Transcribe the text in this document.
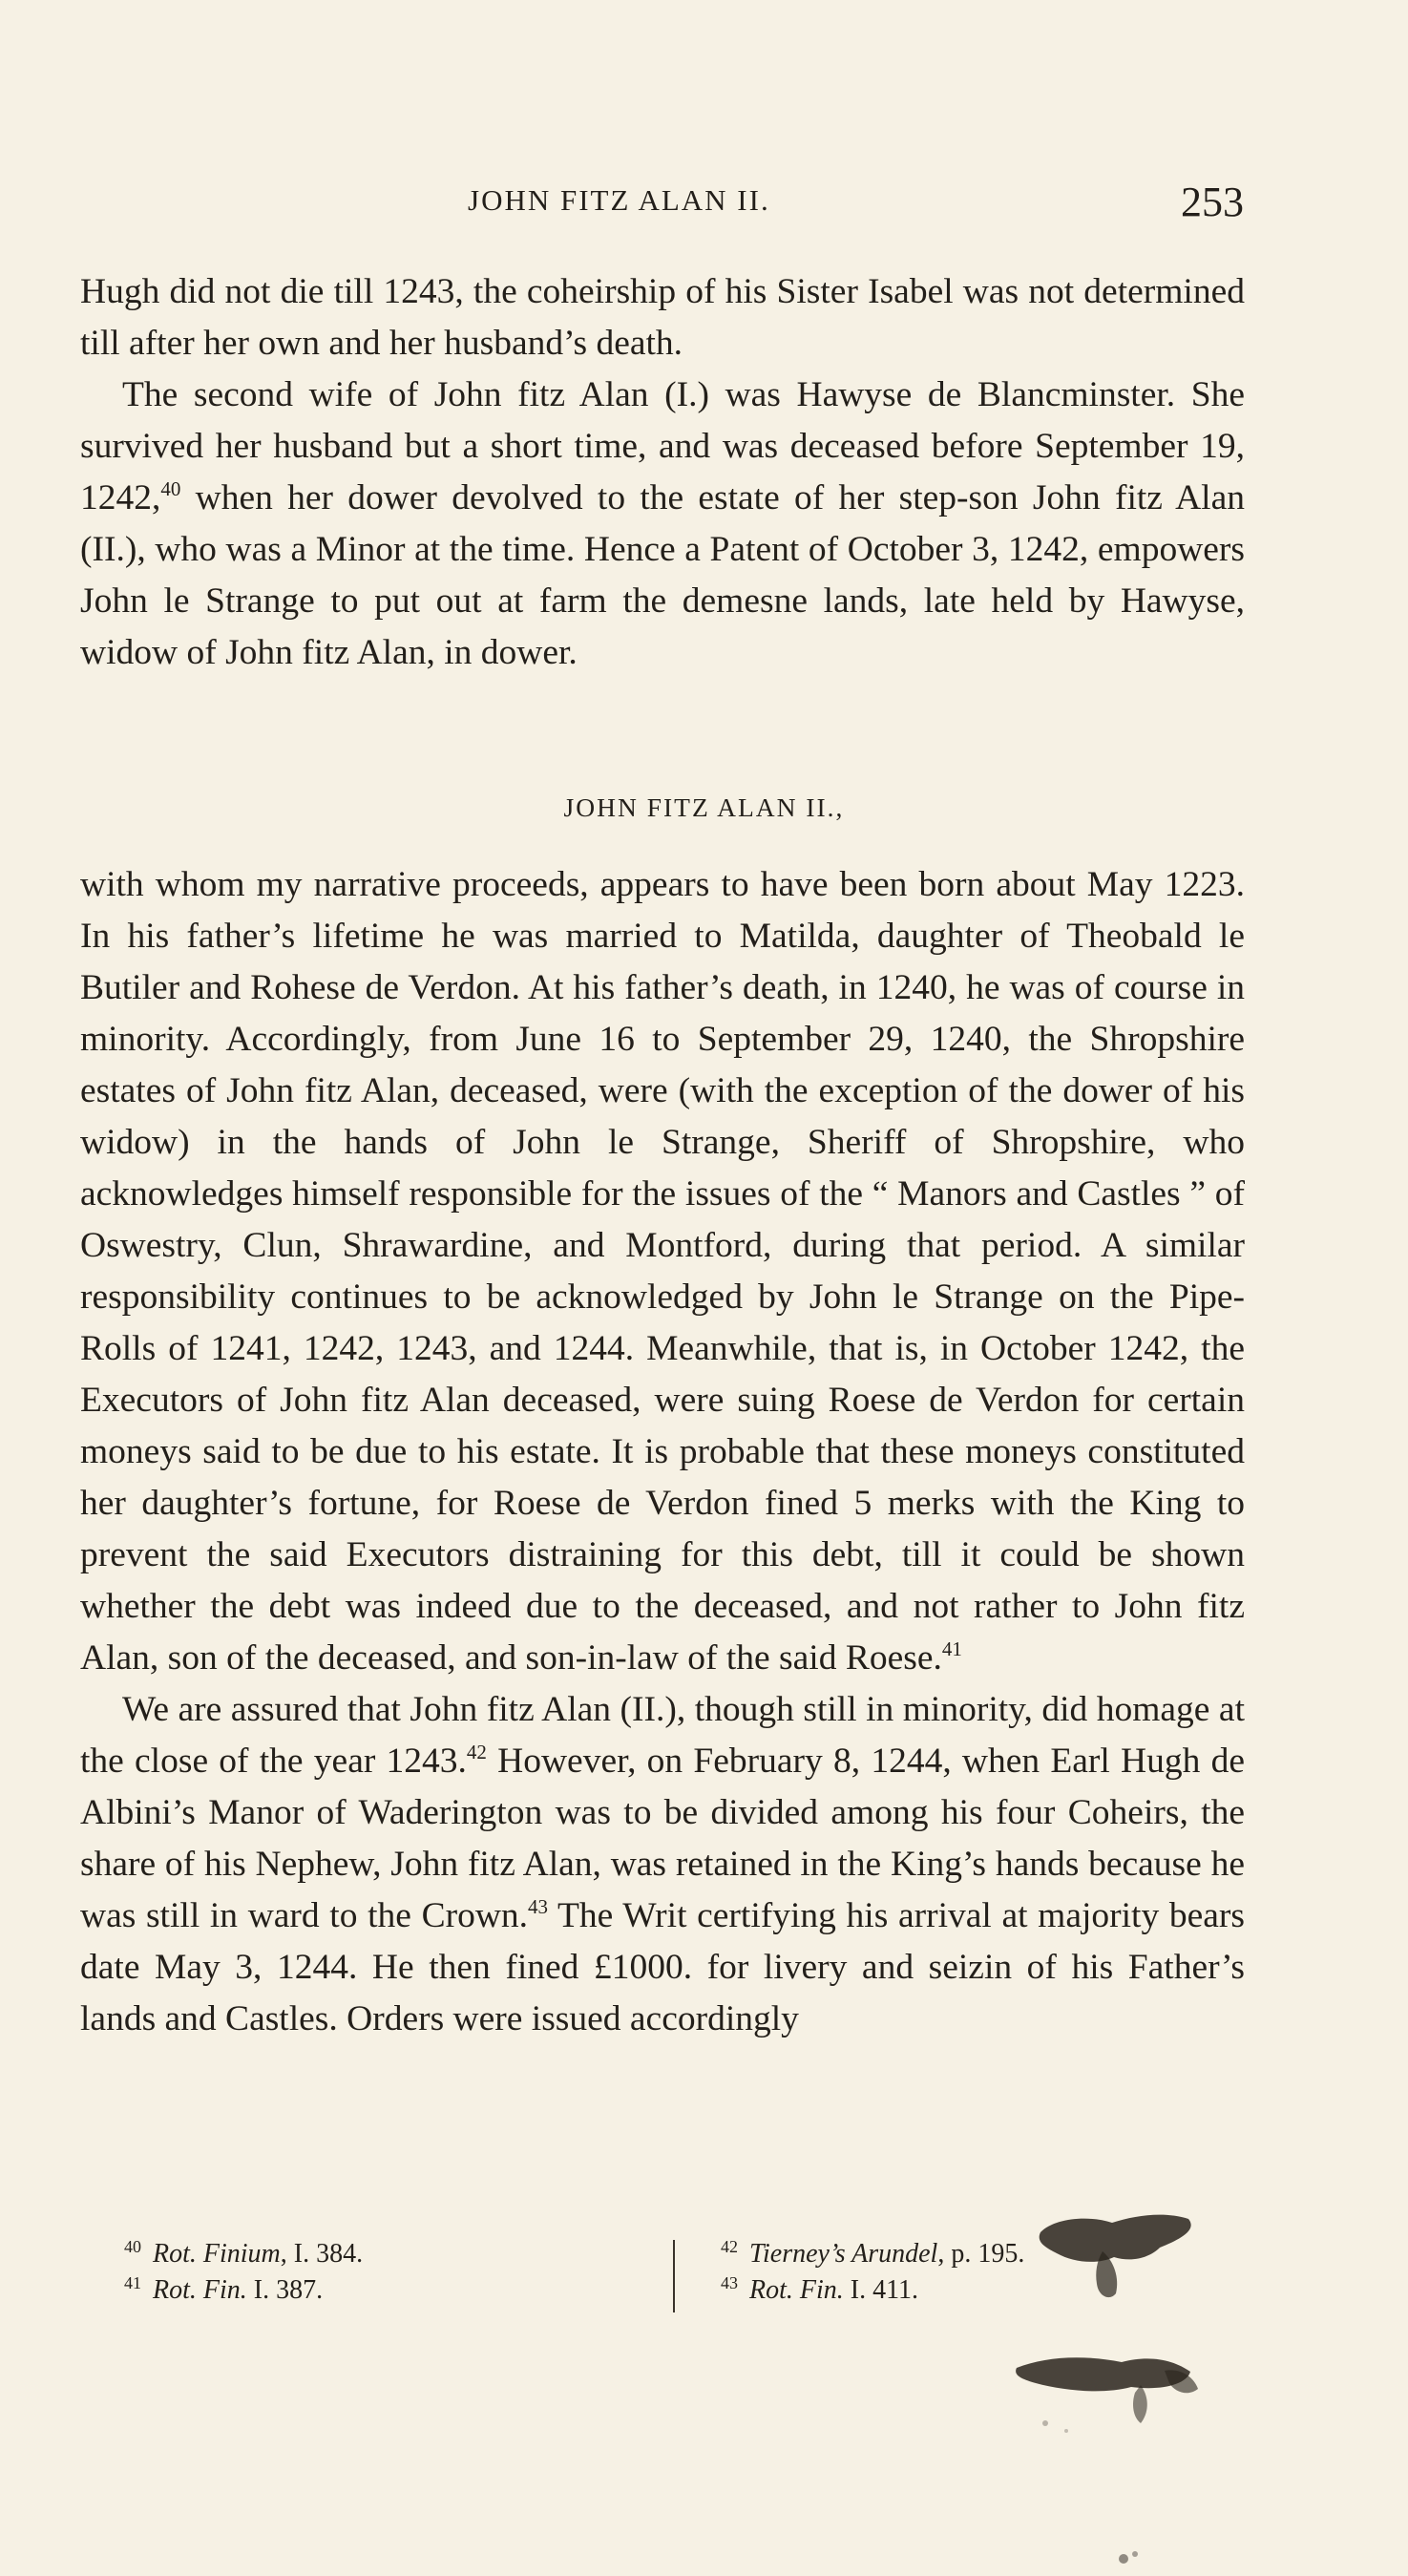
JOHN FITZ ALAN II.	253

Hugh did not die till 1243, the coheirship of his Sister Isabel was not determined till after her own and her husband’s death.

The second wife of John fitz Alan (I.) was Hawyse de Blancminster. She survived her husband but a short time, and was deceased before September 19, 1242,40 when her dower devolved to the estate of her step-son John fitz Alan (II.), who was a Minor at the time. Hence a Patent of October 3, 1242, empowers John le Strange to put out at farm the demesne lands, late held by Hawyse, widow of John fitz Alan, in dower.

JOHN FITZ ALAN II.,

with whom my narrative proceeds, appears to have been born about May 1223. In his father’s lifetime he was married to Matilda, daughter of Theobald le Butiler and Rohese de Verdon. At his father’s death, in 1240, he was of course in minority. Accordingly, from June 16 to September 29, 1240, the Shropshire estates of John fitz Alan, deceased, were (with the exception of the dower of his widow) in the hands of John le Strange, Sheriff of Shropshire, who acknowledges himself responsible for the issues of the “ Manors and Castles ” of Oswestry, Clun, Shrawardine, and Montford, during that period. A similar responsibility continues to be acknowledged by John le Strange on the Pipe-Rolls of 1241, 1242, 1243, and 1244. Meanwhile, that is, in October 1242, the Executors of John fitz Alan deceased, were suing Roese de Verdon for certain moneys said to be due to his estate. It is probable that these moneys constituted her daughter’s fortune, for Roese de Verdon fined 5 merks with the King to prevent the said Executors distraining for this debt, till it could be shown whether the debt was indeed due to the deceased, and not rather to John fitz Alan, son of the deceased, and son-in-law of the said Roese.$^{41}$

We are assured that John fitz Alan (II.), though still in minority, did homage at the close of the year 1243.42 However, on February 8, 1244, when Earl Hugh de Albini’s Manor of Waderington was to be divided among his four Coheirs, the share of his Nephew, John fitz Alan, was retained in the King’s hands because he was still in ward to the Crown.$^{43}$ The Writ certifying his arrival at majority bears date May 3, 1244. He then fined £1000. for livery and seizin of his Father’s lands and Castles. Orders were issued accordingly

$^{40}$ Rot. Finium, I. 384.
$^{41}$ Rot. Fin. I. 387.
$^{42}$ Tierney’s Arundel, p. 195.
$^{43}$ Rot. Fin. I. 411.
